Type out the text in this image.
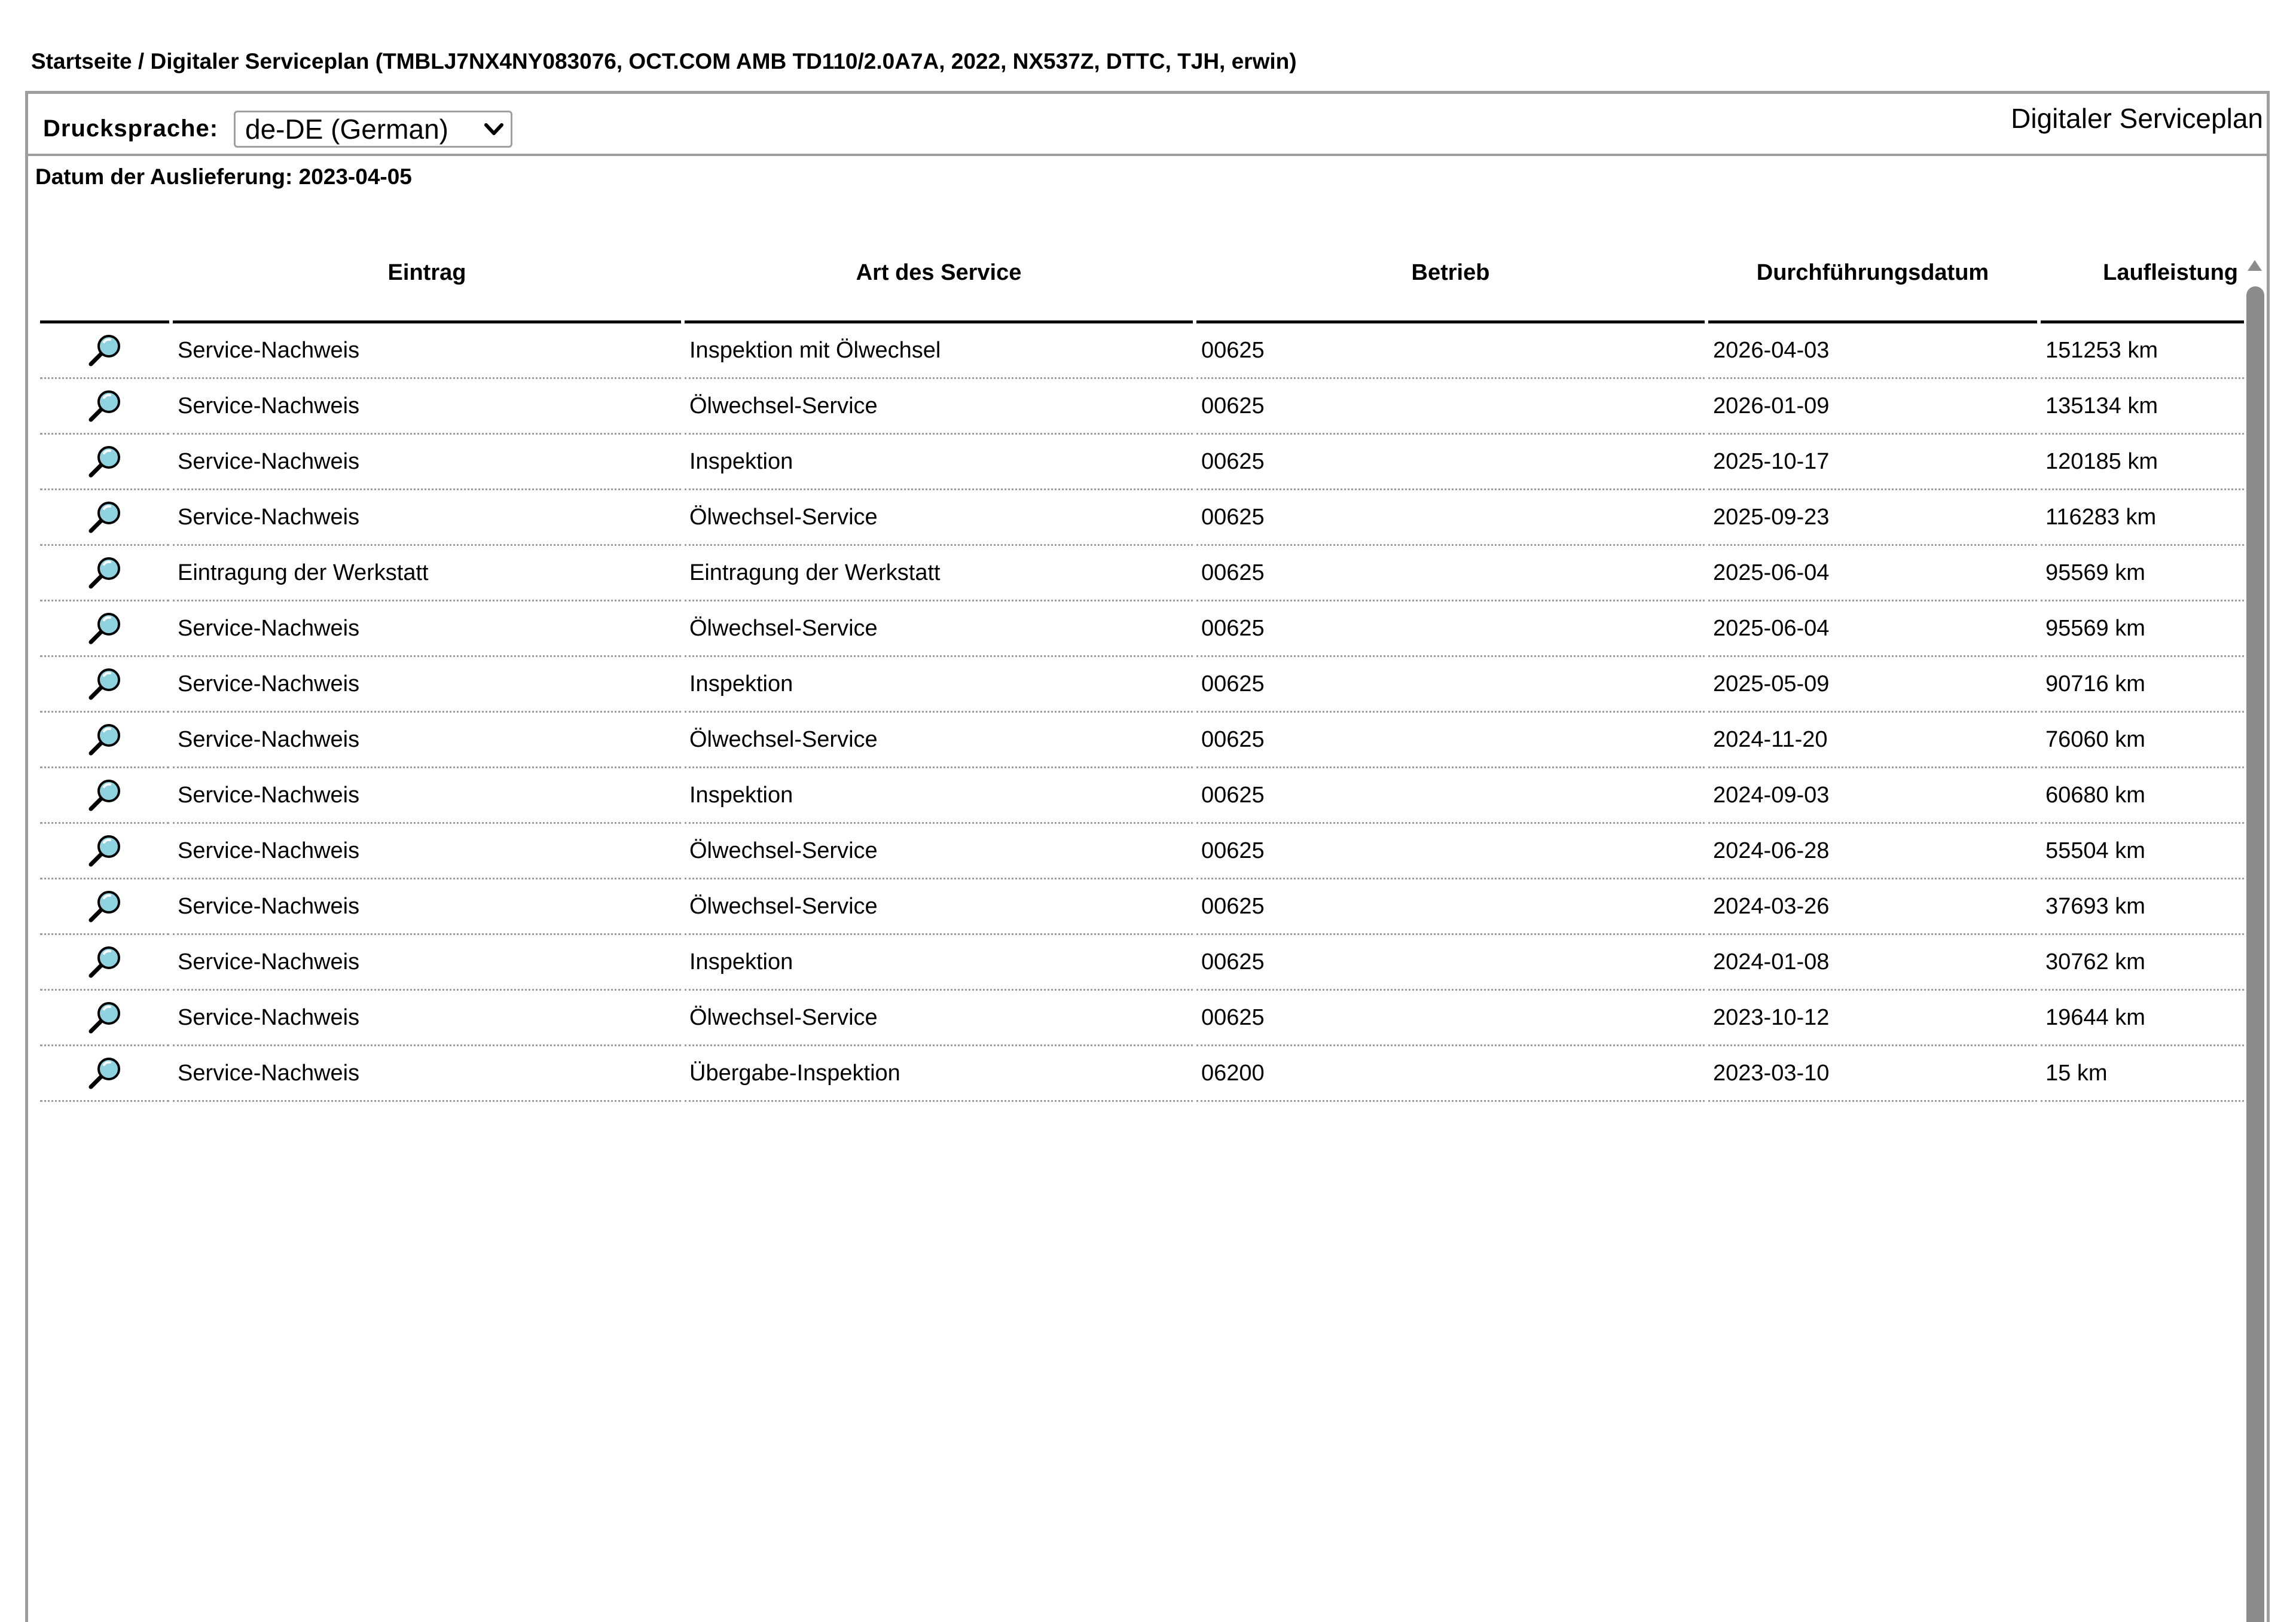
Startseite / Digitaler Serviceplan (TMBLJ7NX4NY083076, OCT.COM AMB TD110/2.0A7A, 2022, NX537Z, DTTC, TJH, erwin)
Drucksprache: de-DE (German)	Digitaler Serviceplan
Datum der Auslieferung: 2023-04-05
	Eintrag	Art des Service	Betrieb	Durchführungsdatum	Laufleistung
	Service-Nachweis	Inspektion mit Ölwechsel	00625	2026-04-03	151253 km
	Service-Nachweis	Ölwechsel-Service	00625	2026-01-09	135134 km
	Service-Nachweis	Inspektion	00625	2025-10-17	120185 km
	Service-Nachweis	Ölwechsel-Service	00625	2025-09-23	116283 km
	Eintragung der Werkstatt	Eintragung der Werkstatt	00625	2025-06-04	95569 km
	Service-Nachweis	Ölwechsel-Service	00625	2025-06-04	95569 km
	Service-Nachweis	Inspektion	00625	2025-05-09	90716 km
	Service-Nachweis	Ölwechsel-Service	00625	2024-11-20	76060 km
	Service-Nachweis	Inspektion	00625	2024-09-03	60680 km
	Service-Nachweis	Ölwechsel-Service	00625	2024-06-28	55504 km
	Service-Nachweis	Ölwechsel-Service	00625	2024-03-26	37693 km
	Service-Nachweis	Inspektion	00625	2024-01-08	30762 km
	Service-Nachweis	Ölwechsel-Service	00625	2023-10-12	19644 km
	Service-Nachweis	Übergabe-Inspektion	06200	2023-03-10	15 km
